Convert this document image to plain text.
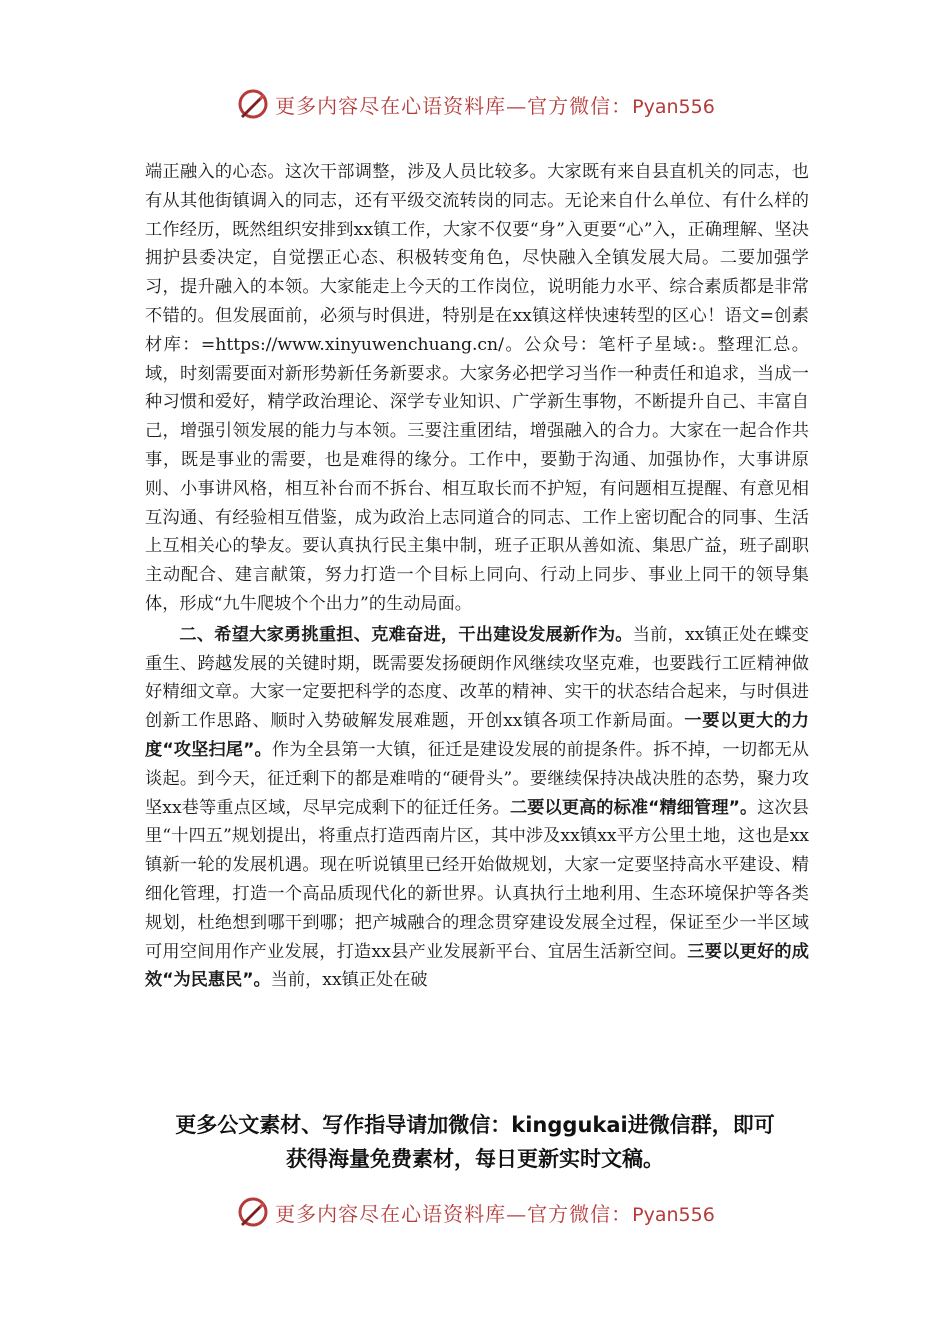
更多内容尽在心语资料库—官方微信：Pyan556

端正融入的心态。这次干部调整，涉及人员比较多。大家既有来自县直机关的同志，也有从其他街镇调入的同志，还有平级交流转岗的同志。无论来自什么单位、有什么样的工作经历，既然组织安排到xx镇工作，大家不仅要“身”入更要“心”入，正确理解、坚决拥护县委决定，自觉摆正心态、积极转变角色，尽快融入全镇发展大局。二要加强学习，提升融入的本领。大家能走上今天的工作岗位，说明能力水平、综合素质都是非常不错的。但发展面前，必须与时俱进，特别是在xx镇这样快速转型的区心！语文=创素材库：=https://www.xinyuwenchuang.cn/。公众号：笔杆子星域:。整理汇总。域，时刻需要面对新形势新任务新要求。大家务必把学习当作一种责任和追求，当成一种习惯和爱好，精学政治理论、深学专业知识、广学新生事物，不断提升自己、丰富自己，增强引领发展的能力与本领。三要注重团结，增强融入的合力。大家在一起合作共事，既是事业的需要，也是难得的缘分。工作中，要勤于沟通、加强协作，大事讲原则、小事讲风格，相互补台而不拆台、相互取长而不护短，有问题相互提醒、有意见相互沟通、有经验相互借鉴，成为政治上志同道合的同志、工作上密切配合的同事、生活上互相关心的挚友。要认真执行民主集中制，班子正职从善如流、集思广益，班子副职主动配合、建言献策，努力打造一个目标上同向、行动上同步、事业上同干的领导集体，形成“九牛爬坡个个出力”的生动局面。

二、希望大家勇挑重担、克难奋进，干出建设发展新作为。当前，xx镇正处在蝶变重生、跨越发展的关键时期，既需要发扬硬朗作风继续攻坚克难，也要践行工匠精神做好精细文章。大家一定要把科学的态度、改革的精神、实干的状态结合起来，与时俱进创新工作思路、顺时入势破解发展难题，开创xx镇各项工作新局面。一要以更大的力度“攻坚扫尾”。作为全县第一大镇，征迁是建设发展的前提条件。拆不掉，一切都无从谈起。到今天，征迁剩下的都是难啃的“硬骨头”。要继续保持决战决胜的态势，聚力攻坚xx巷等重点区域，尽早完成剩下的征迁任务。二要以更高的标准“精细管理”。这次县里“十四五”规划提出，将重点打造西南片区，其中涉及xx镇xx平方公里土地，这也是xx镇新一轮的发展机遇。现在听说镇里已经开始做规划，大家一定要坚持高水平建设、精细化管理，打造一个高品质现代化的新世界。认真执行土地利用、生态环境保护等各类规划，杜绝想到哪干到哪；把产城融合的理念贯穿建设发展全过程，保证至少一半区域可用空间用作产业发展，打造xx县产业发展新平台、宜居生活新空间。三要以更好的成效“为民惠民”。当前，xx镇正处在破

更多公文素材、写作指导请加微信：kinggukai进微信群，即可
获得海量免费素材，每日更新实时文稿。
更多内容尽在心语资料库—官方微信：Pyan556
